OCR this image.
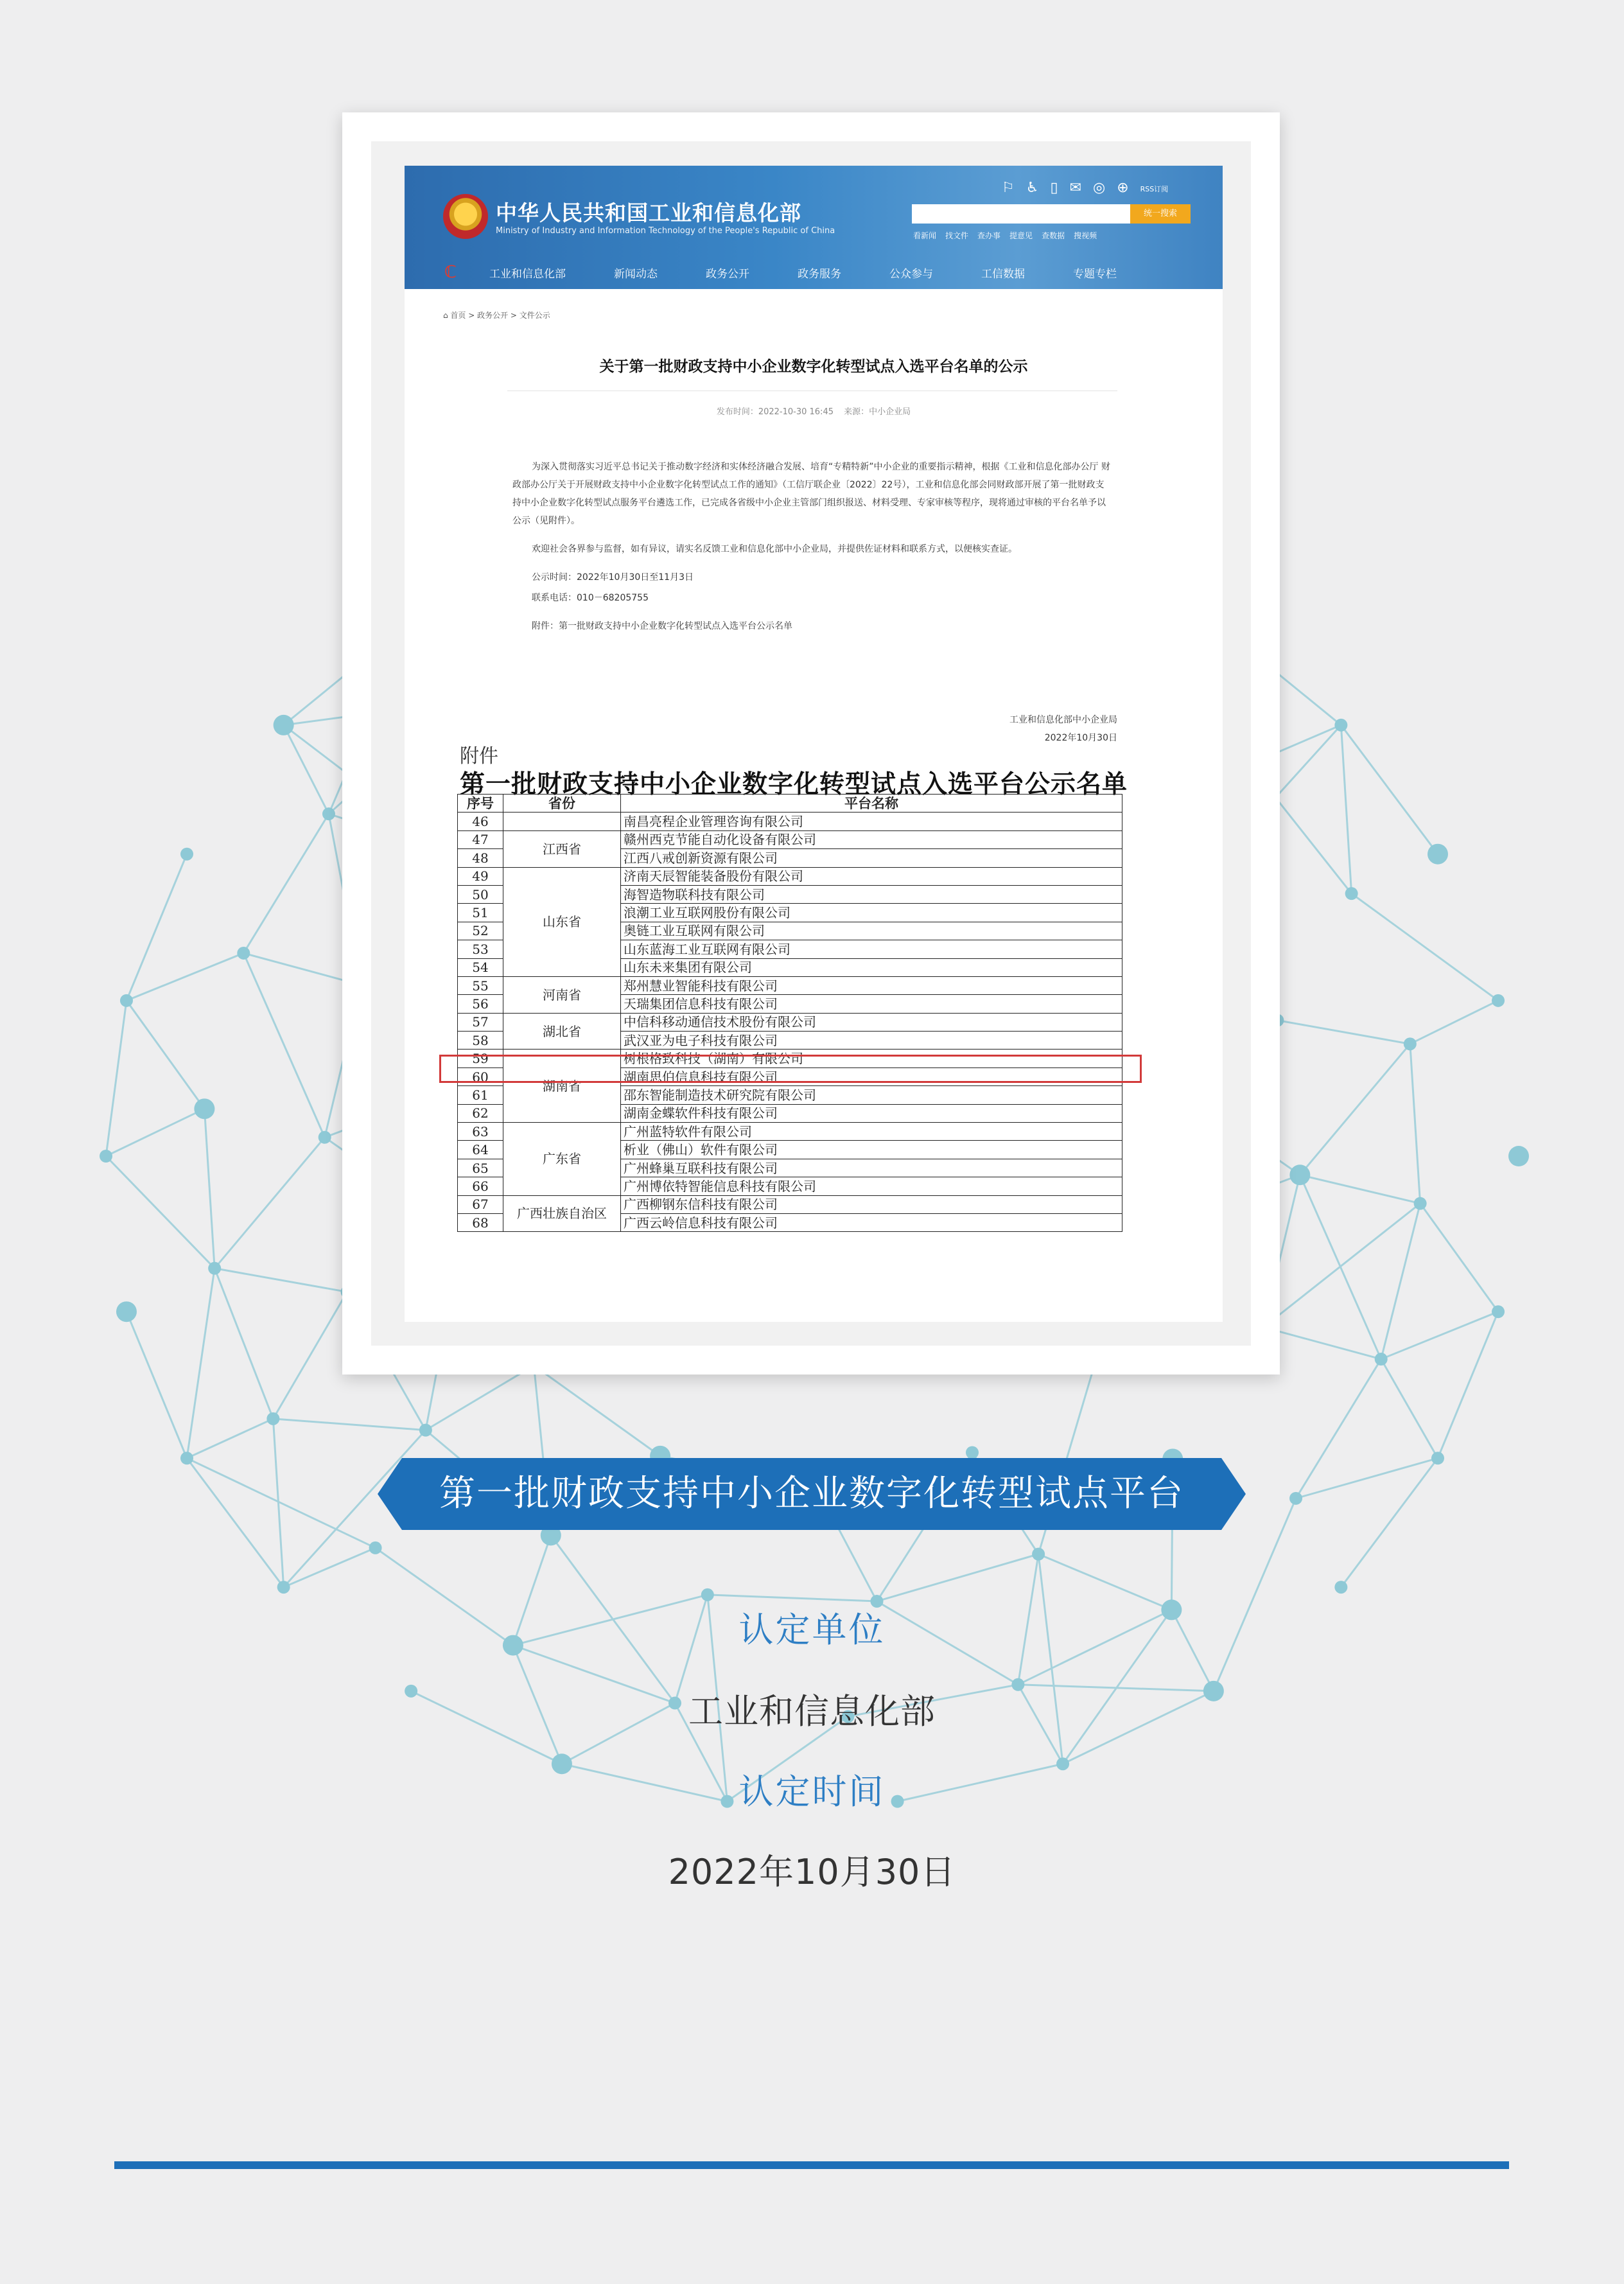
中华人民共和国工业和信息化部
Ministry of Industry and Information Technology of the People's Republic of China
⚐ ♿ ▯ ✉ ◎ ⊕ RSS订阅
统一搜索
看新闻 找文件 查办事 提意见 查数据 搜视频
ℂ	工业和信息化部	新闻动态	政务公开	政务服务	公众参与	工信数据	专题专栏
⌂ 首页 > 政务公开 > 文件公示
关于第一批财政支持中小企业数字化转型试点入选平台名单的公示
发布时间：2022-10-30 16:45 来源：中小企业局

为深入贯彻落实习近平总书记关于推动数字经济和实体经济融合发展、培育“专精特新”中小企业的重要指示精神，根据《工业和信息化部办公厅 财政部办公厅关于开展财政支持中小企业数字化转型试点工作的通知》（工信厅联企业〔2022〕22号），工业和信息化部会同财政部开展了第一批财政支持中小企业数字化转型试点服务平台遴选工作，已完成各省级中小企业主管部门组织报送、材料受理、专家审核等程序，现将通过审核的平台名单予以公示（见附件）。

欢迎社会各界参与监督，如有异议，请实名反馈工业和信息化部中小企业局，并提供佐证材料和联系方式，以便核实查证。

公示时间：2022年10月30日至11月3日

联系电话：010－68205755

附件：第一批财政支持中小企业数字化转型试点入选平台公示名单

工业和信息化部中小企业局
2022年10月30日
附件
第一批财政支持中小企业数字化转型试点入选平台公示名单
序号	省份	平台名称
46		南昌亮程企业管理咨询有限公司
47	江西省	赣州西克节能自动化设备有限公司
48		江西八戒创新资源有限公司
49	山东省	济南天辰智能装备股份有限公司
50		海智造物联科技有限公司
51		浪潮工业互联网股份有限公司
52		奥链工业互联网有限公司
53		山东蓝海工业互联网有限公司
54		山东未来集团有限公司
55	河南省	郑州慧业智能科技有限公司
56		天瑞集团信息科技有限公司
57	湖北省	中信科移动通信技术股份有限公司
58		武汉亚为电子科技有限公司
59	湖南省	树根格致科技（湖南）有限公司
60		湖南思伯信息科技有限公司
61		邵东智能制造技术研究院有限公司
62		湖南金蝶软件科技有限公司
63	广东省	广州蓝特软件有限公司
64		析业（佛山）软件有限公司
65		广州蜂巢互联科技有限公司
66		广州博依特智能信息科技有限公司
67	广西壮族自治区	广西柳钢东信科技有限公司
68		广西云岭信息科技有限公司
第一批财政支持中小企业数字化转型试点平台
认定单位
工业和信息化部
认定时间
2022年10月30日
